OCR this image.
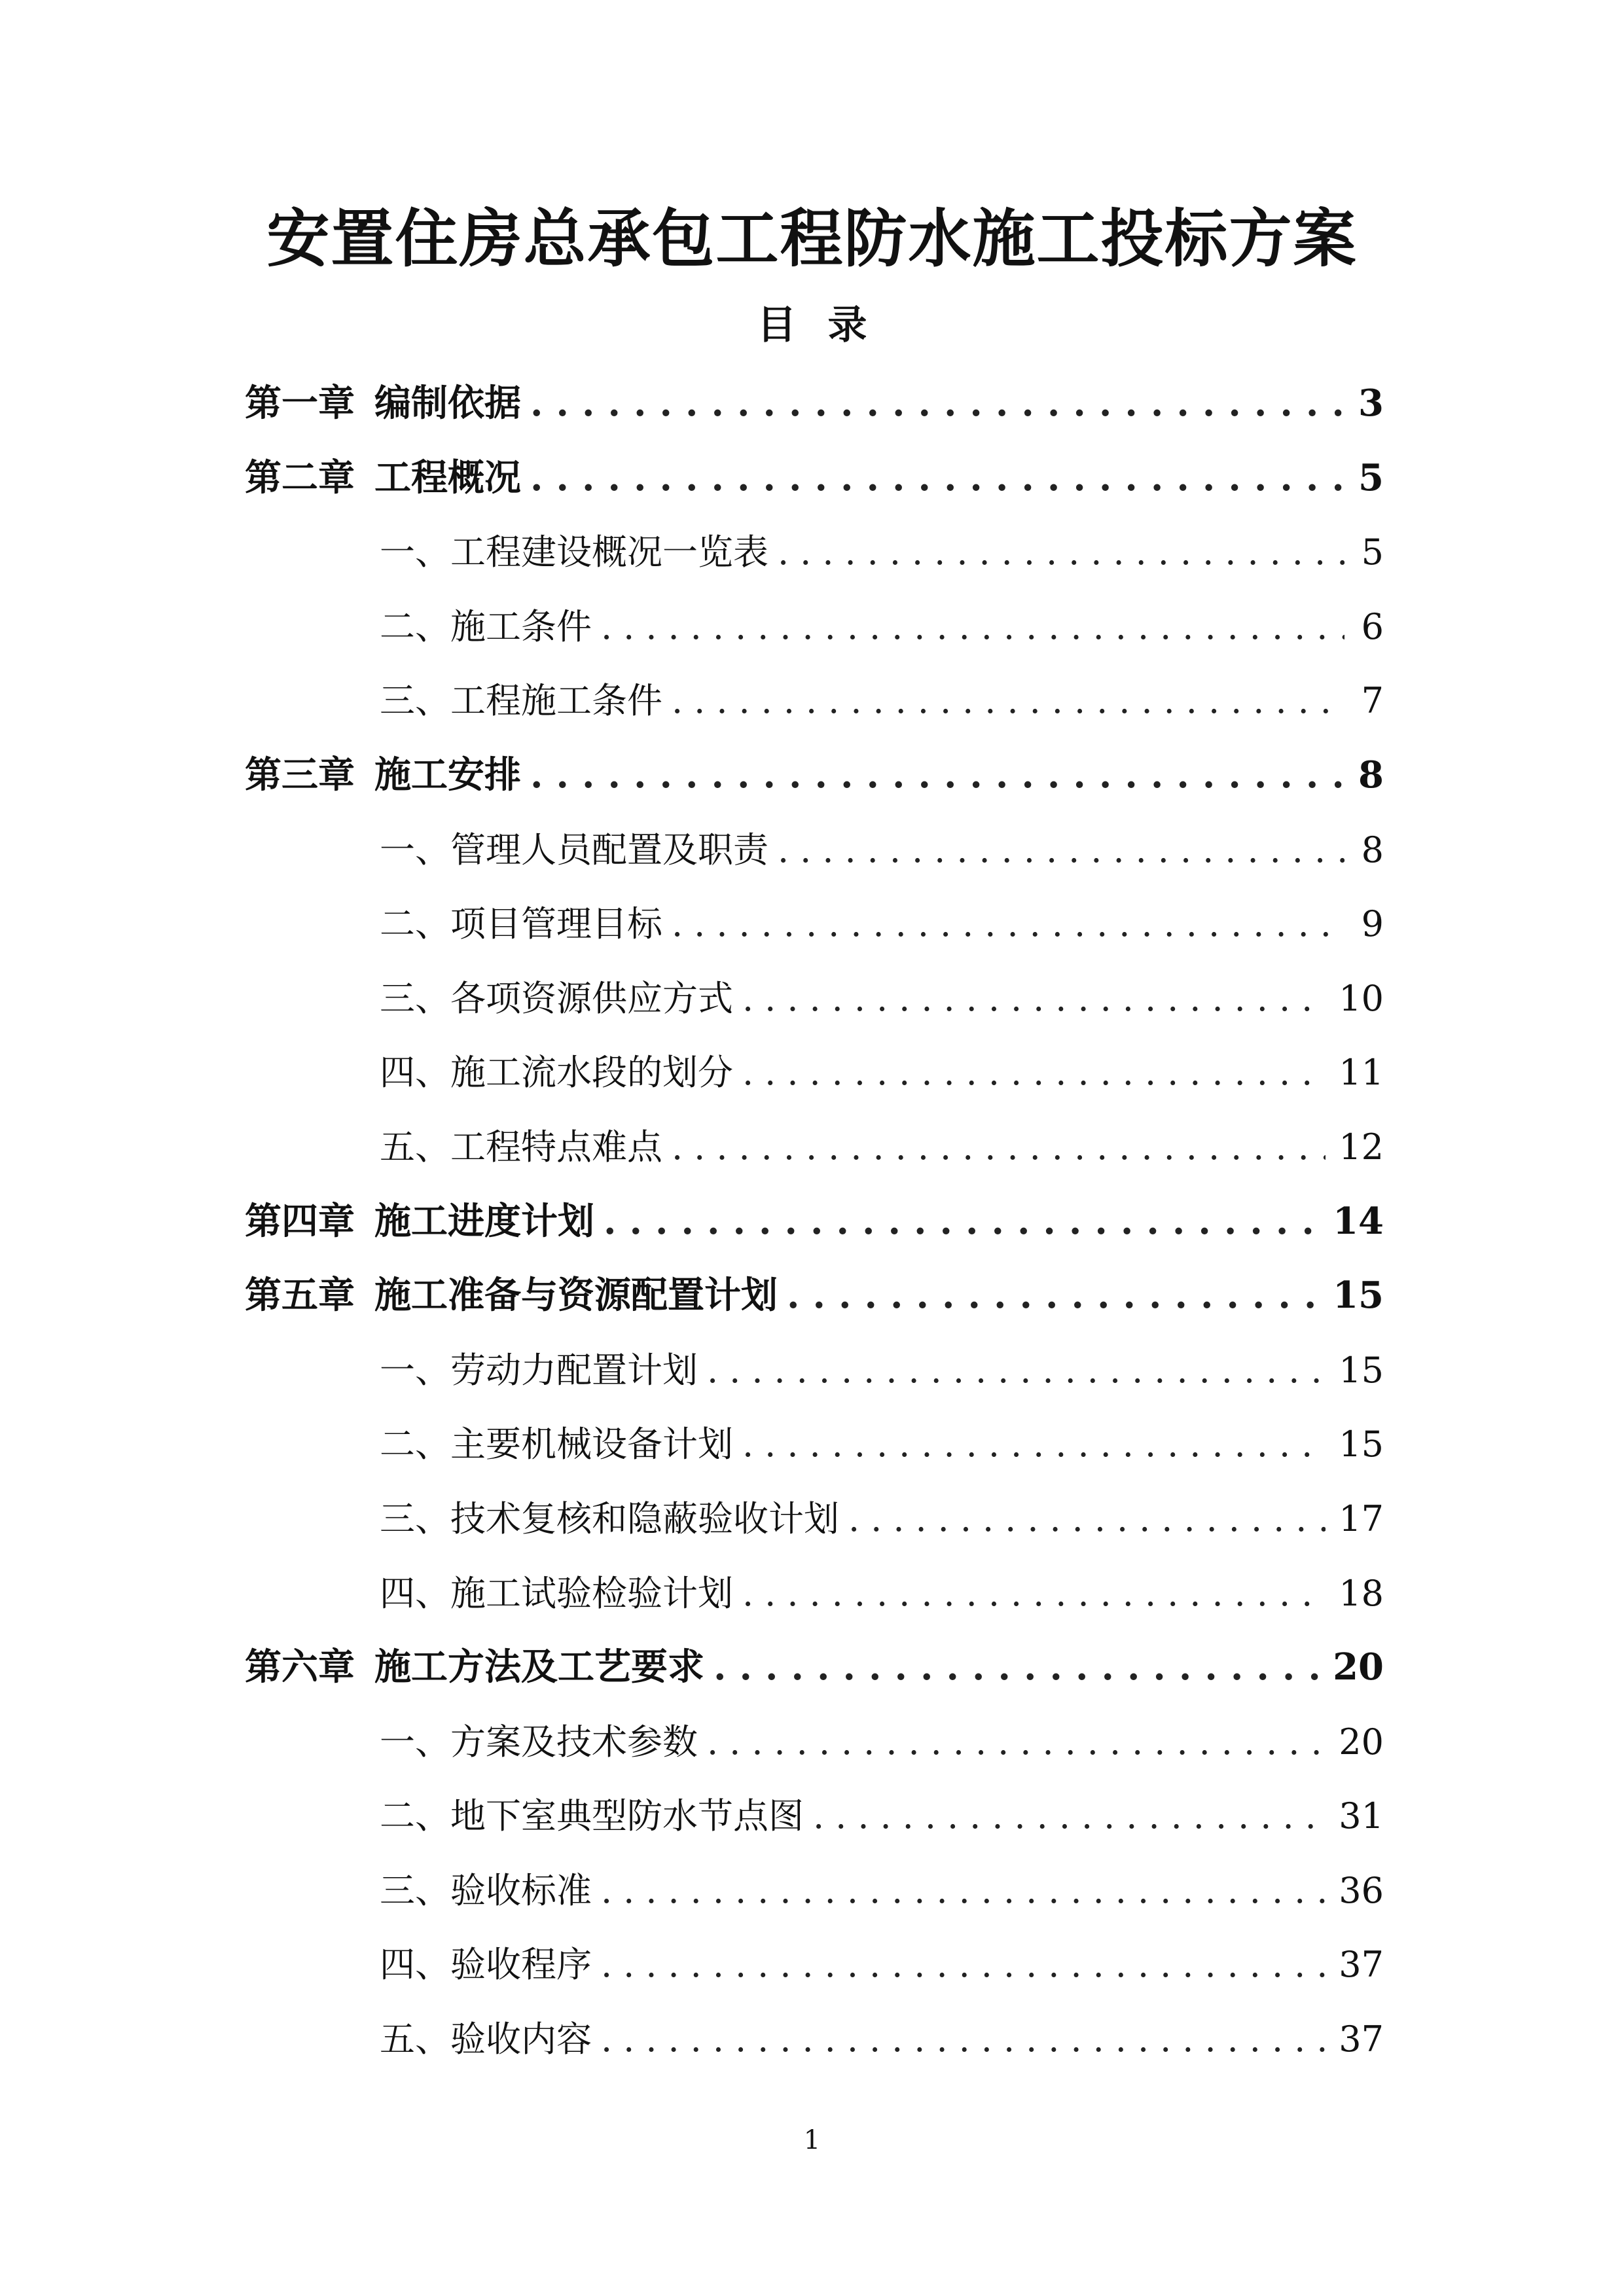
安置住房总承包工程防水施工投标方案
目 录
第一章 编制依据 .....	3
第二章 工程概况 .....	5
一、工程建设概况一览表 .....	5
二、施工条件 .....	6
三、工程施工条件 .....	7
第三章 施工安排 .....	8
一、管理人员配置及职责 .....	8
二、项目管理目标 .....	9
三、各项资源供应方式 .....	10
四、施工流水段的划分 .....	11
五、工程特点难点 .....	12
第四章 施工进度计划 .....	14
第五章 施工准备与资源配置计划 .....	15
一、劳动力配置计划 .....	15
二、主要机械设备计划 .....	15
三、技术复核和隐蔽验收计划 .....	17
四、施工试验检验计划 .....	18
第六章 施工方法及工艺要求 .....	20
一、方案及技术参数 .....	20
二、地下室典型防水节点图 .....	31
三、验收标准 .....	36
四、验收程序 .....	37
五、验收内容 .....	37
1
